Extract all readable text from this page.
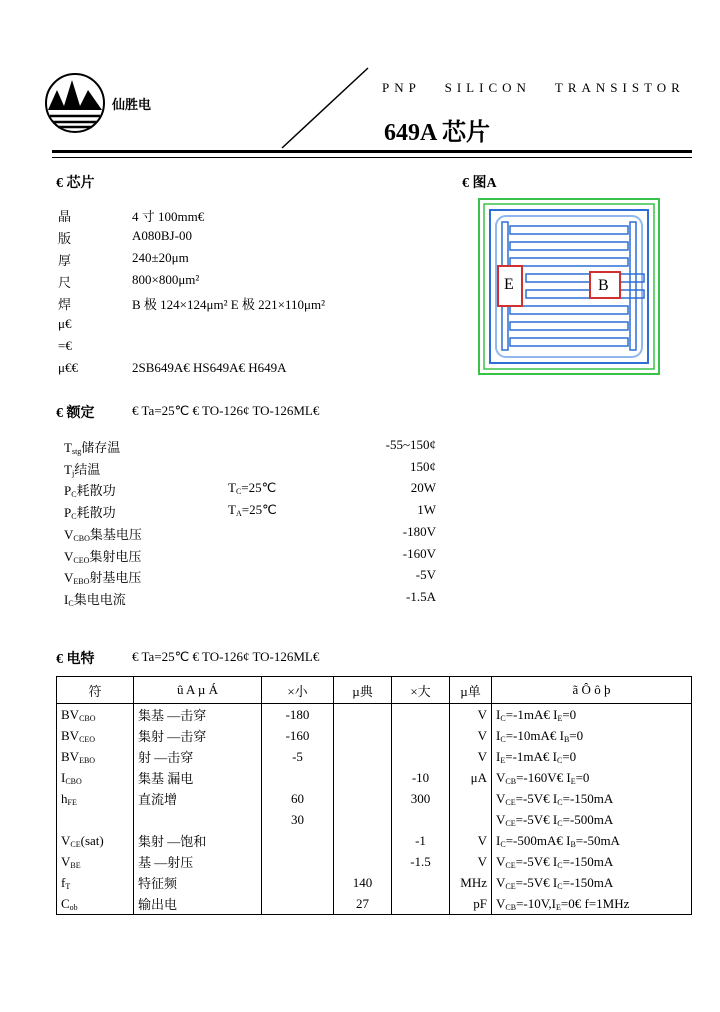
仙胜电
PNP SILICON TRANSISTOR
649A 芯片
€ 芯片	€ 图A
晶	4 寸 100mm€
版	A080BJ-00
厚	240±20μm
尺	800×800μm²
焊	B 极 124×124μm² E 极 221×110μm²
μ€
=€
μ€€	2SB649A€ HS649A€ H649A
E	B
€ 额定	€ Ta=25℃ € TO-126¢ TO-126ML€
$T_{stg}$储存温	-55~150¢
$T_j$结温	150¢
$P_C$耗散功	$T_C=25℃$	20W
$P_C$耗散功	$T_A=25℃$	1W
$V_{CBO}$集基电压	-180V
$V_{CEO}$集射电压	-160V
$V_{EBO}$射基电压	-5V
$I_C$集电电流	-1.5A
€ 电特	€ Ta=25℃ € TO-126¢ TO-126ML€
符	û A µ Á	×小	µ典	×大	µ单	ã Ô ô þ
$BV_{CBO}$	集基 —击穿	-180			V	$I_C=-1mA€$ $I_E=0$
$BV_{CEO}$	集射 —击穿	-160			V	$I_C=-10mA€$ $I_B=0$
$BV_{EBO}$	射 —击穿	-5			V	$I_E=-1mA€$ $I_C=0$
$I_{CBO}$	集基 漏电			-10	μA	$V_{CB}=-160V€$ $I_E=0$
$h_{FE}$	直流增	60		300		$V_{CE}=-5V€$ $I_C=-150mA$
		30				$V_{CE}=-5V€$ $I_C=-500mA$
$V_{CE}(sat)$	集射 —饱和			-1	V	$I_C=-500mA€$ $I_B=-50mA$
$V_{BE}$	基 —射压			-1.5	V	$V_{CE}=-5V€$ $I_C=-150mA$
$f_T$	特征频		140		MHz	$V_{CE}=-5V€$ $I_C=-150mA$
$C_{ob}$	输出电		27		pF	$V_{CB}=-10V,I_E=0€$ f=1MHz
